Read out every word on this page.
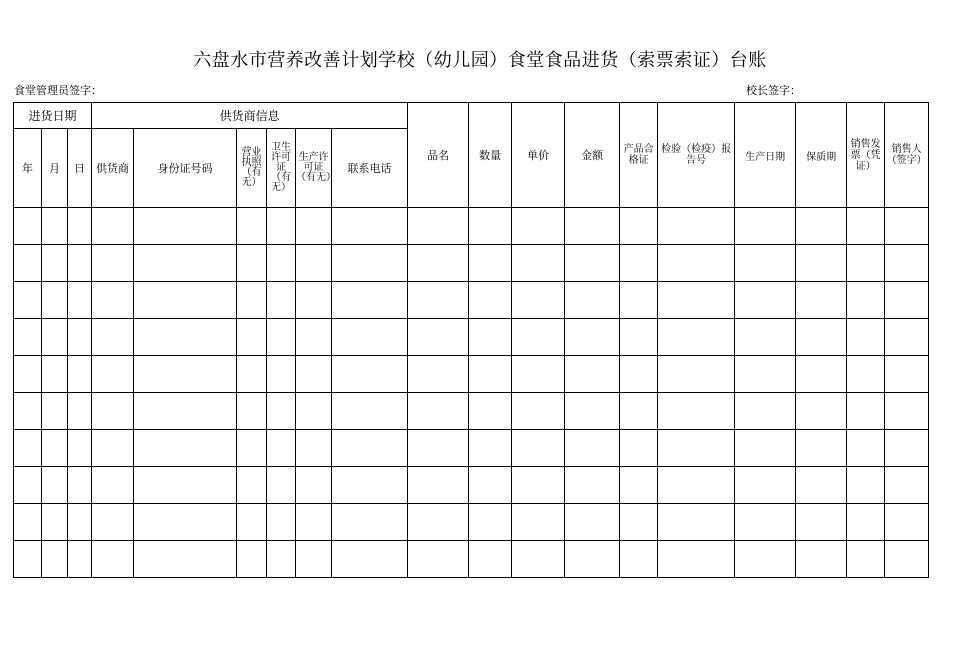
六盘水市营养改善计划学校（幼儿园）食堂食品进货（索票索证）台账
食堂管理员签字：	校长签字：
进货日期			供货商信息						品名	数量	单价	金额	产品合格证	检验（检疫）报告号	生产日期	保质期	销售发票（凭证）	销售人（签字）
年	月	日	供货商	身份证号码	营业执照（有无）	卫生许可证（有无）	生产许可证（有无）	联系电话										
